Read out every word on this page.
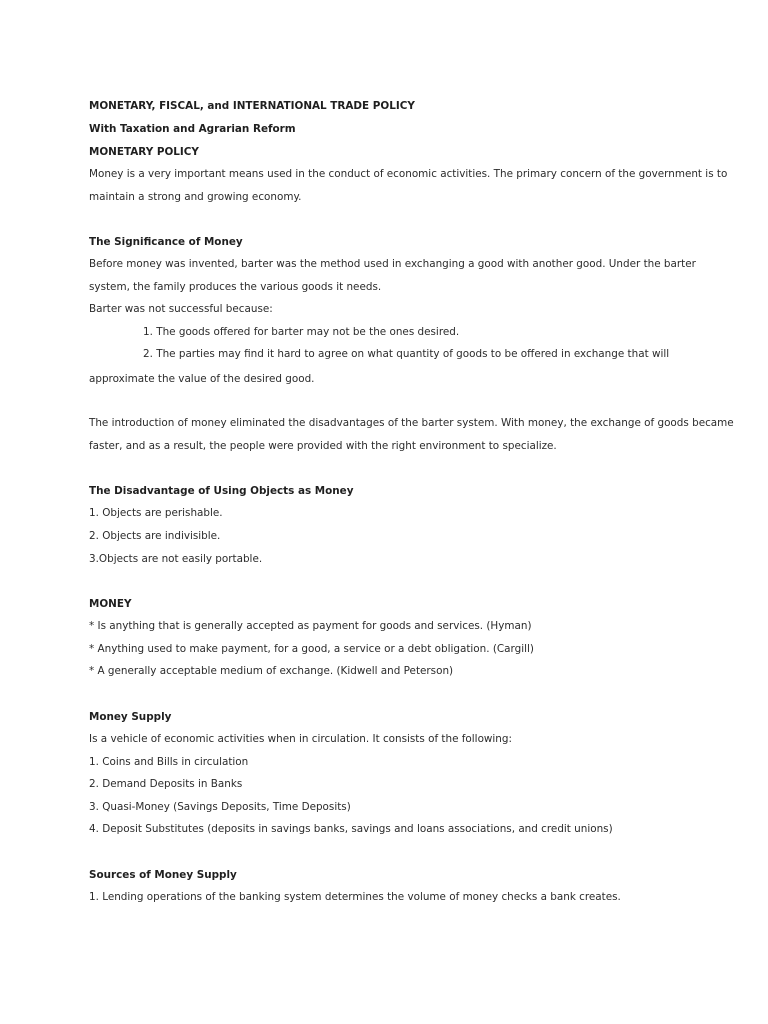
MONETARY, FISCAL, and INTERNATIONAL TRADE POLICY
With Taxation and Agrarian Reform
MONETARY POLICY
Money is a very important means used in the conduct of economic activities. The primary concern of the government is to
maintain a strong and growing economy.
The Significance of Money
Before money was invented, barter was the method used in exchanging a good with another good. Under the barter
system, the family produces the various goods it needs.
Barter was not successful because:
1. The goods offered for barter may not be the ones desired.
2. The parties may find it hard to agree on what quantity of goods to be offered in exchange that will
approximate the value of the desired good.
The introduction of money eliminated the disadvantages of the barter system. With money, the exchange of goods became
faster, and as a result, the people were provided with the right environment to specialize.
The Disadvantage of Using Objects as Money
1. Objects are perishable.
2. Objects are indivisible.
3.Objects are not easily portable.
MONEY
* Is anything that is generally accepted as payment for goods and services. (Hyman)
* Anything used to make payment, for a good, a service or a debt obligation. (Cargill)
* A generally acceptable medium of exchange. (Kidwell and Peterson)
Money Supply
Is a vehicle of economic activities when in circulation. It consists of the following:
1. Coins and Bills in circulation
2. Demand Deposits in Banks
3. Quasi-Money (Savings Deposits, Time Deposits)
4. Deposit Substitutes (deposits in savings banks, savings and loans associations, and credit unions)
Sources of Money Supply
1. Lending operations of the banking system determines the volume of money checks a bank creates.
